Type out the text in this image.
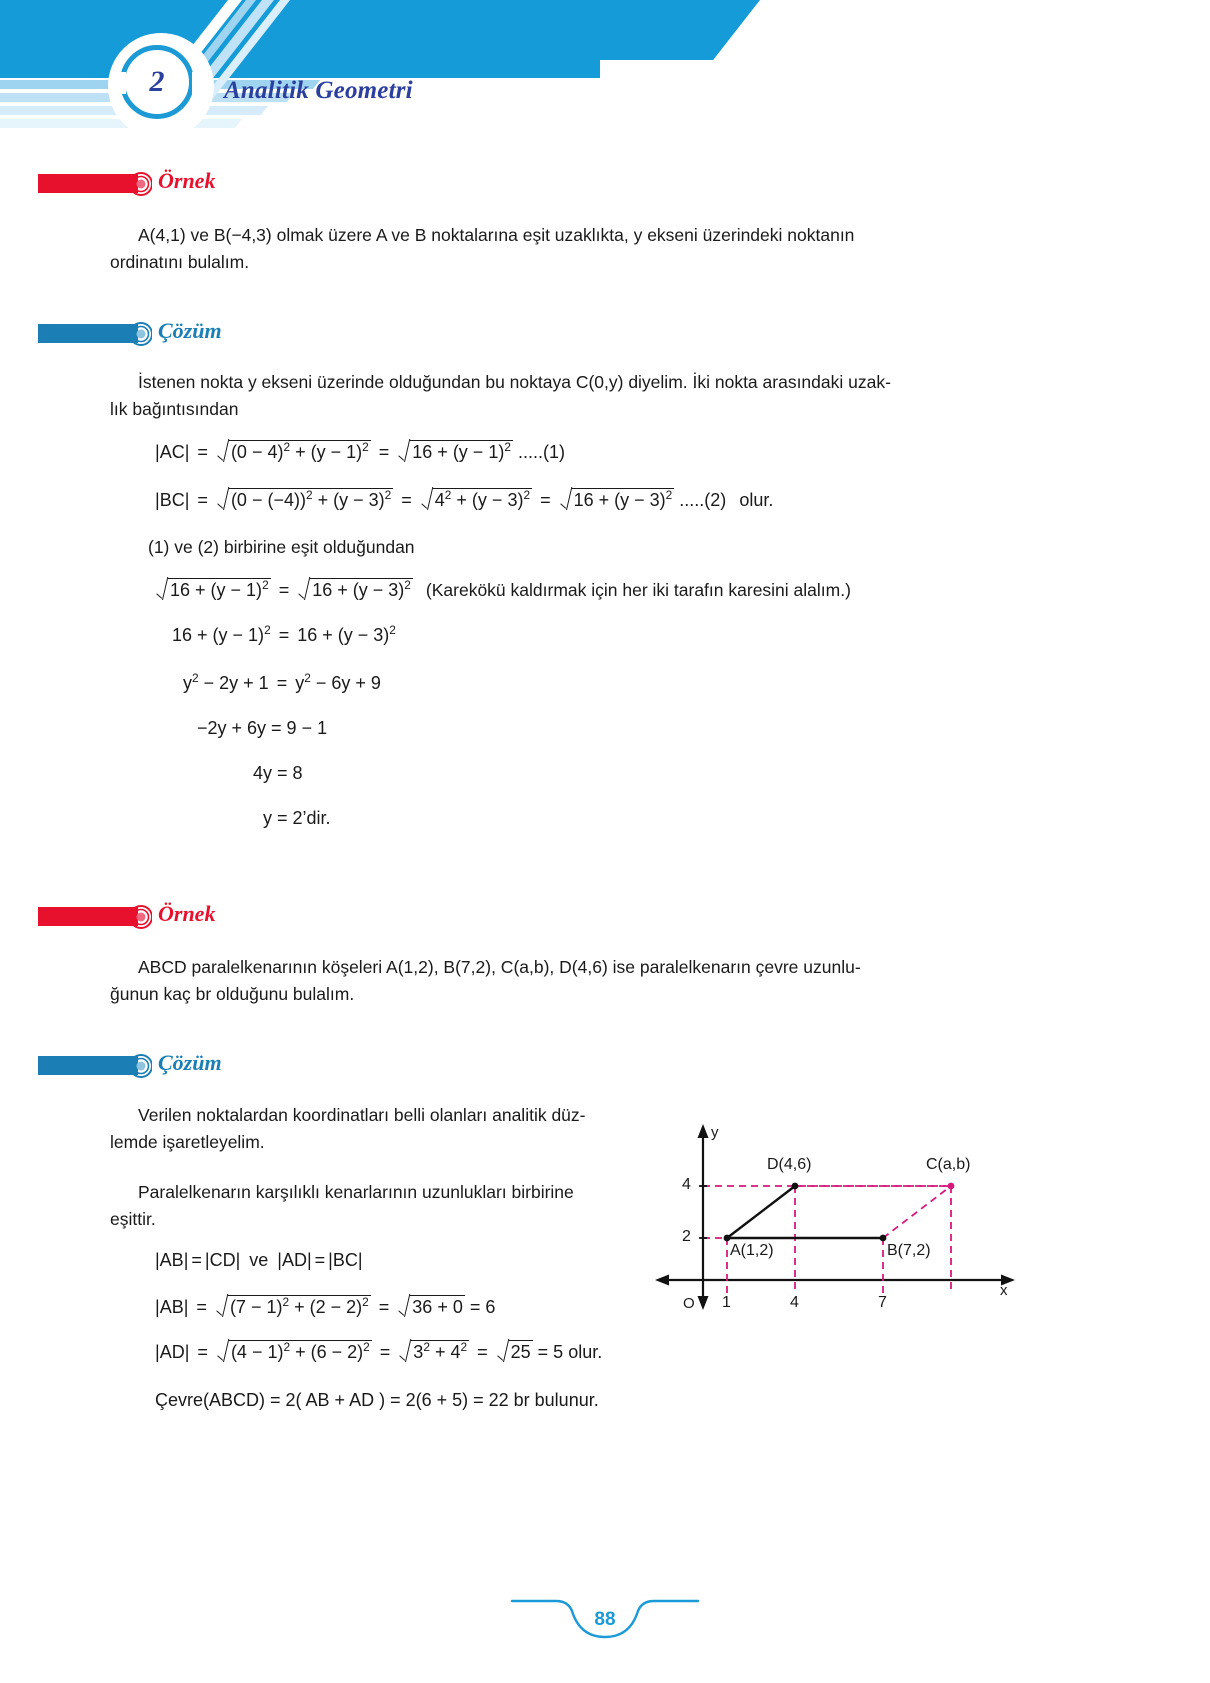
2	Analitik Geometri
Örnek
A(4,1) ve B(−4,3) olmak üzere A ve B noktalarına eşit uzaklıkta, y ekseni üzerindeki noktanın
ordinatını bulalım.
Çözüm
İstenen nokta y ekseni üzerinde olduğundan bu noktaya C(0,y) diyelim. İki nokta arasındaki uzak-
lık bağıntısından
$|AC| = (0 - 4)^2 + (y - 1)^2 = 16 + (y - 1)^2$ .....(1)
$|BC| = (0 - (-4))^2 + (y - 3)^2 = 4^2 + (y - 3)^2 = 16 + (y - 3)^2$ .....(2) olur.
(1) ve (2) birbirine eşit olduğundan
$16 + (y - 1)^2 = 16 + (y - 3)^2$ (Karekökü kaldırmak için her iki tarafın karesini alalım.)
$16 + (y - 1)^2 = 16 + (y - 3)^2$
$y^2 - 2y + 1 = y^2 - 6y + 9$
−2y + 6y = 9 − 1
4y = 8
y = 2’dir.
Örnek
ABCD paralelkenarının köşeleri A(1,2), B(7,2), C(a,b), D(4,6) ise paralelkenarın çevre uzunlu-
ğunun kaç br olduğunu bulalım.
Çözüm
Verilen noktalardan koordinatları belli olanları analitik düz-
lemde işaretleyelim.
Paralelkenarın karşılıklı kenarlarının uzunlukları birbirine
eşittir.
y
x
O
4
2
1	4	7
D(4,6)	C(a,b)
A(1,2)	B(7,2)
|AB| = |CD| ve |AD| = |BC|
$|AB| = (7 - 1)^2 + (2 - 2)^2 = 36 + 0 = 6$
$|AD| = (4 - 1)^2 + (6 - 2)^2 = 3^2 + 4^2 = 25 = 5$ olur.
Çevre(ABCD) = 2( AB + AD ) = 2(6 + 5) = 22 br bulunur.
88
